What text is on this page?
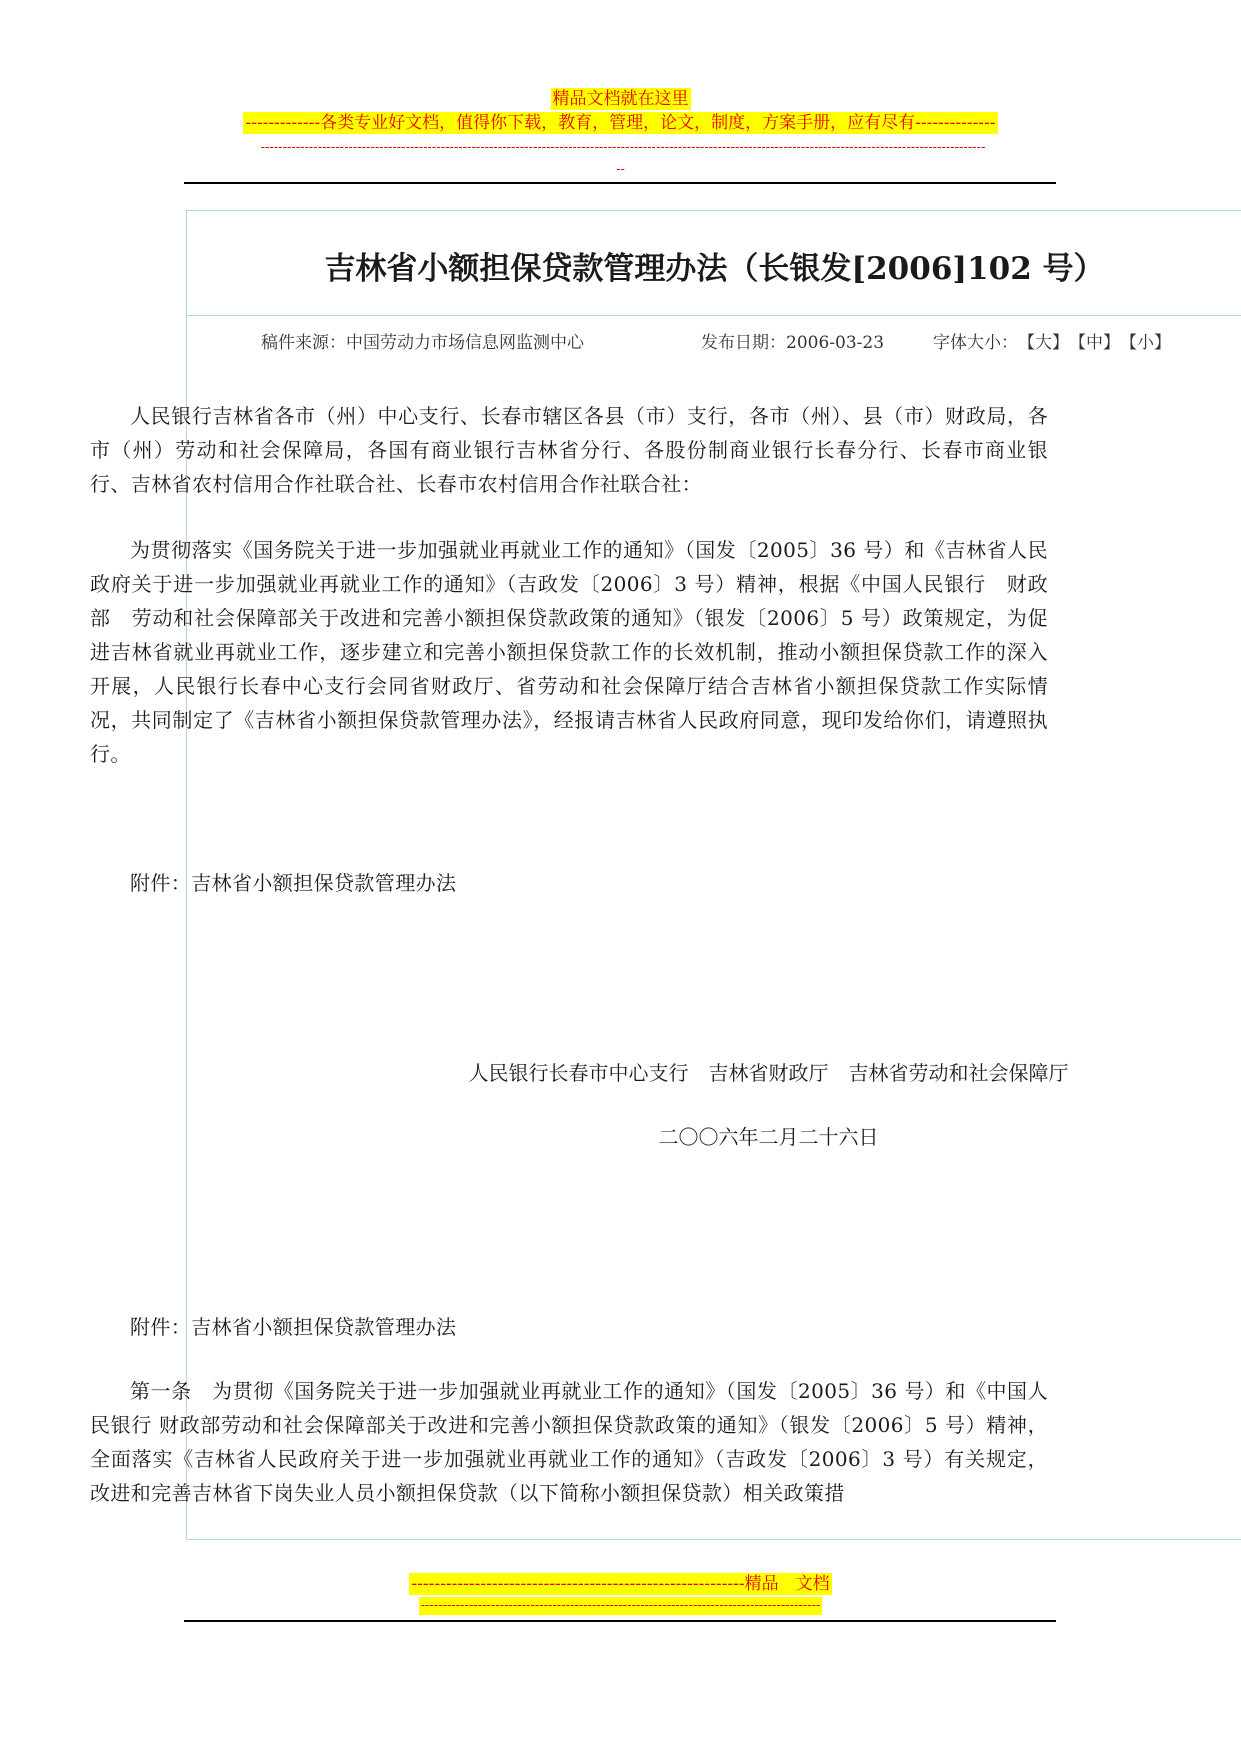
精品文档就在这里
-------------各类专业好文档，值得你下载，教育，管理，论文，制度，方案手册，应有尽有--------------
---------------------------------------------------------------------------------------------------------------------------------------------------------------------
--
吉林省小额担保贷款管理办法（长银发[2006]102 号）
稿件来源：中国劳动力市场信息网监测中心	发布日期：2006-03-23	字体大小：【大】【中】【小】

人民银行吉林省各市（州）中心支行、长春市辖区各县（市）支行，各市（州）、县（市）财政局，各市（州）劳动和社会保障局，各国有商业银行吉林省分行、各股份制商业银行长春分行、长春市商业银行、吉林省农村信用合作社联合社、长春市农村信用合作社联合社：

为贯彻落实《国务院关于进一步加强就业再就业工作的通知》（国发〔2005〕36 号）和《吉林省人民政府关于进一步加强就业再就业工作的通知》（吉政发〔2006〕3 号）精神，根据《中国人民银行　财政部　劳动和社会保障部关于改进和完善小额担保贷款政策的通知》（银发〔2006〕5 号）政策规定，为促进吉林省就业再就业工作，逐步建立和完善小额担保贷款工作的长效机制，推动小额担保贷款工作的深入开展，人民银行长春中心支行会同省财政厅、省劳动和社会保障厅结合吉林省小额担保贷款工作实际情况，共同制定了《吉林省小额担保贷款管理办法》，经报请吉林省人民政府同意，现印发给你们，请遵照执行。

附件：吉林省小额担保贷款管理办法

人民银行长春市中心支行　吉林省财政厅　吉林省劳动和社会保障厅
二〇〇六年二月二十六日

附件：吉林省小额担保贷款管理办法

第一条　为贯彻《国务院关于进一步加强就业再就业工作的通知》（国发〔2005〕36 号）和《中国人民银行 财政部劳动和社会保障部关于改进和完善小额担保贷款政策的通知》（银发〔2006〕5 号）精神，全面落实《吉林省人民政府关于进一步加强就业再就业工作的通知》（吉政发〔2006〕3 号）有关规定，改进和完善吉林省下岗失业人员小额担保贷款（以下简称小额担保贷款）相关政策措

----------------------------------------------------------精品　文档
-------------------------------------------------------------------------------------------
